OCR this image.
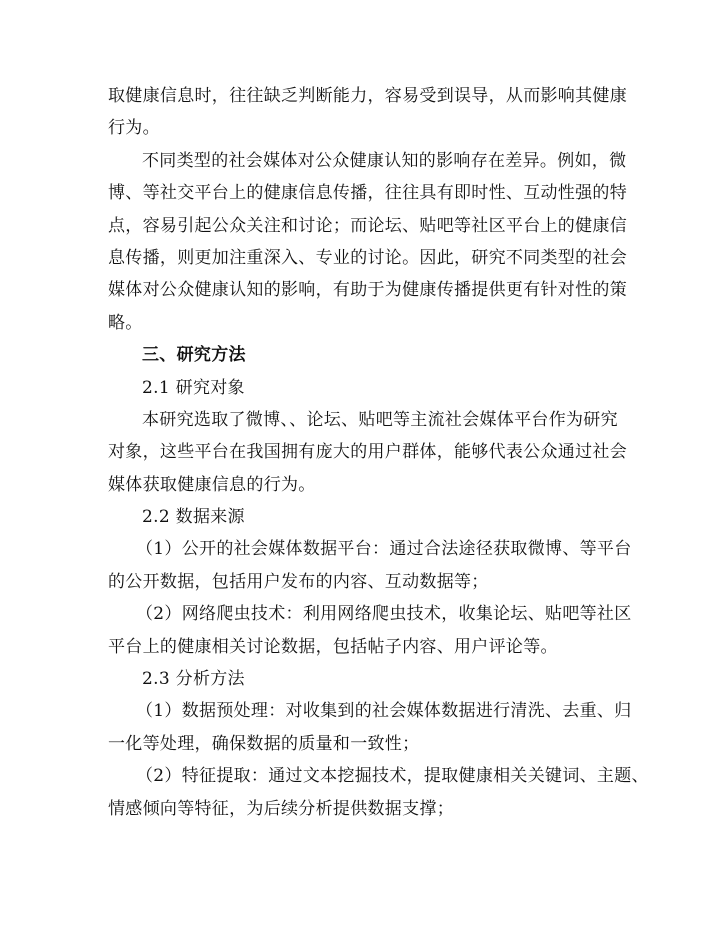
取健康信息时，往往缺乏判断能力，容易受到误导，从而影响其健康
行为。
不同类型的社会媒体对公众健康认知的影响存在差异。例如，微
博、等社交平台上的健康信息传播，往往具有即时性、互动性强的特
点，容易引起公众关注和讨论；而论坛、贴吧等社区平台上的健康信
息传播，则更加注重深入、专业的讨论。因此，研究不同类型的社会
媒体对公众健康认知的影响，有助于为健康传播提供更有针对性的策
略。
三、研究方法
2.1 研究对象
本研究选取了微博、、论坛、贴吧等主流社会媒体平台作为研究
对象，这些平台在我国拥有庞大的用户群体，能够代表公众通过社会
媒体获取健康信息的行为。
2.2 数据来源
（1）公开的社会媒体数据平台：通过合法途径获取微博、等平台
的公开数据，包括用户发布的内容、互动数据等；
（2）网络爬虫技术：利用网络爬虫技术，收集论坛、贴吧等社区
平台上的健康相关讨论数据，包括帖子内容、用户评论等。
2.3 分析方法
（1）数据预处理：对收集到的社会媒体数据进行清洗、去重、归
一化等处理，确保数据的质量和一致性；
（2）特征提取：通过文本挖掘技术，提取健康相关关键词、主题、
情感倾向等特征，为后续分析提供数据支撑；
